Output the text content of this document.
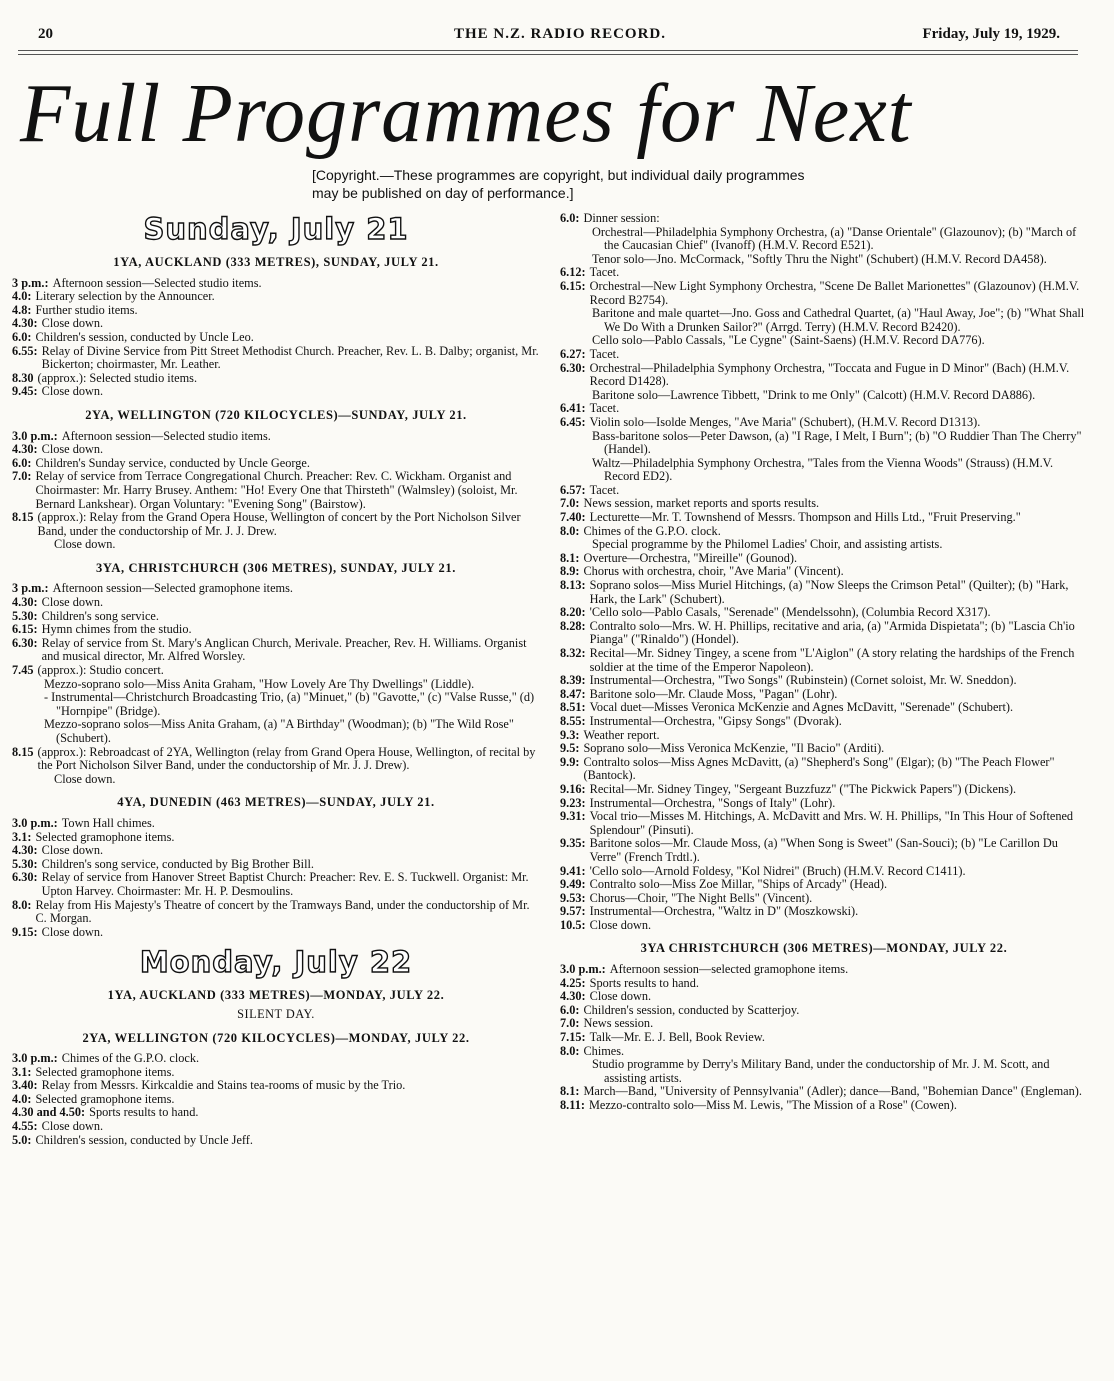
20	THE N.Z. RADIO RECORD.	Friday, July 19, 1929.
Full Programmes for Next
[Copyright.—These programmes are copyright, but individual daily programmes may be published on day of performance.]
Sunday, July 21
1YA, AUCKLAND (333 METRES), SUNDAY, JULY 21.
3 p.m.: Afternoon session—Selected studio items.
4.0: Literary selection by the Announcer.
4.8: Further studio items.
4.30: Close down.
6.0: Children's session, conducted by Uncle Leo.
6.55: Relay of Divine Service from Pitt Street Methodist Church. Preacher, Rev. L. B. Dalby; organist, Mr. Bickerton; choirmaster, Mr. Leather.
8.30 (approx.): Selected studio items.
9.45: Close down.
2YA, WELLINGTON (720 KILOCYCLES)—SUNDAY, JULY 21.
3.0 p.m.: Afternoon session—Selected studio items.
4.30: Close down.
6.0: Children's Sunday service, conducted by Uncle George.
7.0: Relay of service from Terrace Congregational Church. Preacher: Rev. C. Wickham. Organist and Choirmaster: Mr. Harry Brusey. Anthem: "Ho! Every One that Thirsteth" (Walmsley) (soloist, Mr. Bernard Lankshear). Organ Voluntary: "Evening Song" (Bairstow).
8.15 (approx.): Relay from the Grand Opera House, Wellington of concert by the Port Nicholson Silver Band, under the conductorship of Mr. J. J. Drew.
Close down.
3YA, CHRISTCHURCH (306 METRES), SUNDAY, JULY 21.
3 p.m.: Afternoon session—Selected gramophone items.
4.30: Close down.
5.30: Children's song service.
6.15: Hymn chimes from the studio.
6.30: Relay of service from St. Mary's Anglican Church, Merivale. Preacher, Rev. H. Williams. Organist and musical director, Mr. Alfred Worsley.
7.45 (approx.): Studio concert.
Mezzo-soprano solo—Miss Anita Graham, "How Lovely Are Thy Dwellings" (Liddle).
- Instrumental—Christchurch Broadcasting Trio, (a) "Minuet," (b) "Gavotte," (c) "Valse Russe," (d) "Hornpipe" (Bridge).
Mezzo-soprano solos—Miss Anita Graham, (a) "A Birthday" (Woodman); (b) "The Wild Rose" (Schubert).
8.15 (approx.): Rebroadcast of 2YA, Wellington (relay from Grand Opera House, Wellington, of recital by the Port Nicholson Silver Band, under the conductorship of Mr. J. J. Drew).
Close down.
4YA, DUNEDIN (463 METRES)—SUNDAY, JULY 21.
3.0 p.m.: Town Hall chimes.
3.1: Selected gramophone items.
4.30: Close down.
5.30: Children's song service, conducted by Big Brother Bill.
6.30: Relay of service from Hanover Street Baptist Church: Preacher: Rev. E. S. Tuckwell. Organist: Mr. Upton Harvey. Choirmaster: Mr. H. P. Desmoulins.
8.0: Relay from His Majesty's Theatre of concert by the Tramways Band, under the conductorship of Mr. C. Morgan.
9.15: Close down.
Monday, July 22
1YA, AUCKLAND (333 METRES)—MONDAY, JULY 22.
SILENT DAY.
2YA, WELLINGTON (720 KILOCYCLES)—MONDAY, JULY 22.
3.0 p.m.: Chimes of the G.P.O. clock.
3.1: Selected gramophone items.
3.40: Relay from Messrs. Kirkcaldie and Stains tea-rooms of music by the Trio.
4.0: Selected gramophone items.
4.30 and 4.50: Sports results to hand.
4.55: Close down.
5.0: Children's session, conducted by Uncle Jeff.
6.0: Dinner session:
Orchestral—Philadelphia Symphony Orchestra, (a) "Danse Orientale" (Glazounov); (b) "March of the Caucasian Chief" (Ivanoff) (H.M.V. Record E521).
Tenor solo—Jno. McCormack, "Softly Thru the Night" (Schubert) (H.M.V. Record DA458).
6.12: Tacet.
6.15: Orchestral—New Light Symphony Orchestra, "Scene De Ballet Marionettes" (Glazounov) (H.M.V. Record B2754).
Baritone and male quartet—Jno. Goss and Cathedral Quartet, (a) "Haul Away, Joe"; (b) "What Shall We Do With a Drunken Sailor?" (Arrgd. Terry) (H.M.V. Record B2420).
Cello solo—Pablo Cassals, "Le Cygne" (Saint-Saens) (H.M.V. Record DA776).
6.27: Tacet.
6.30: Orchestral—Philadelphia Symphony Orchestra, "Toccata and Fugue in D Minor" (Bach) (H.M.V. Record D1428).
Baritone solo—Lawrence Tibbett, "Drink to me Only" (Calcott) (H.M.V. Record DA886).
6.41: Tacet.
6.45: Violin solo—Isolde Menges, "Ave Maria" (Schubert), (H.M.V. Record D1313).
Bass-baritone solos—Peter Dawson, (a) "I Rage, I Melt, I Burn"; (b) "O Ruddier Than The Cherry" (Handel).
Waltz—Philadelphia Symphony Orchestra, "Tales from the Vienna Woods" (Strauss) (H.M.V. Record ED2).
6.57: Tacet.
7.0: News session, market reports and sports results.
7.40: Lecturette—Mr. T. Townshend of Messrs. Thompson and Hills Ltd., "Fruit Preserving."
8.0: Chimes of the G.P.O. clock.
Special programme by the Philomel Ladies' Choir, and assisting artists.
8.1: Overture—Orchestra, "Mireille" (Gounod).
8.9: Chorus with orchestra, choir, "Ave Maria" (Vincent).
8.13: Soprano solos—Miss Muriel Hitchings, (a) "Now Sleeps the Crimson Petal" (Quilter); (b) "Hark, Hark, the Lark" (Schubert).
8.20: 'Cello solo—Pablo Casals, "Serenade" (Mendelssohn), (Columbia Record X317).
8.28: Contralto solo—Mrs. W. H. Phillips, recitative and aria, (a) "Armida Dispietata"; (b) "Lascia Ch'io Pianga" ("Rinaldo") (Hondel).
8.32: Recital—Mr. Sidney Tingey, a scene from "L'Aiglon" (A story relating the hardships of the French soldier at the time of the Emperor Napoleon).
8.39: Instrumental—Orchestra, "Two Songs" (Rubinstein) (Cornet soloist, Mr. W. Sneddon).
8.47: Baritone solo—Mr. Claude Moss, "Pagan" (Lohr).
8.51: Vocal duet—Misses Veronica McKenzie and Agnes McDavitt, "Serenade" (Schubert).
8.55: Instrumental—Orchestra, "Gipsy Songs" (Dvorak).
9.3: Weather report.
9.5: Soprano solo—Miss Veronica McKenzie, "Il Bacio" (Arditi).
9.9: Contralto solos—Miss Agnes McDavitt, (a) "Shepherd's Song" (Elgar); (b) "The Peach Flower" (Bantock).
9.16: Recital—Mr. Sidney Tingey, "Sergeant Buzzfuzz" ("The Pickwick Papers") (Dickens).
9.23: Instrumental—Orchestra, "Songs of Italy" (Lohr).
9.31: Vocal trio—Misses M. Hitchings, A. McDavitt and Mrs. W. H. Phillips, "In This Hour of Softened Splendour" (Pinsuti).
9.35: Baritone solos—Mr. Claude Moss, (a) "When Song is Sweet" (San-Souci); (b) "Le Carillon Du Verre" (French Trdtl.).
9.41: 'Cello solo—Arnold Foldesy, "Kol Nidrei" (Bruch) (H.M.V. Record C1411).
9.49: Contralto solo—Miss Zoe Millar, "Ships of Arcady" (Head).
9.53: Chorus—Choir, "The Night Bells" (Vincent).
9.57: Instrumental—Orchestra, "Waltz in D" (Moszkowski).
10.5: Close down.
3YA CHRISTCHURCH (306 METRES)—MONDAY, JULY 22.
3.0 p.m.: Afternoon session—selected gramophone items.
4.25: Sports results to hand.
4.30: Close down.
6.0: Children's session, conducted by Scatterjoy.
7.0: News session.
7.15: Talk—Mr. E. J. Bell, Book Review.
8.0: Chimes.
Studio programme by Derry's Military Band, under the conductorship of Mr. J. M. Scott, and assisting artists.
8.1: March—Band, "University of Pennsylvania" (Adler); dance—Band, "Bohemian Dance" (Engleman).
8.11: Mezzo-contralto solo—Miss M. Lewis, "The Mission of a Rose" (Cowen).
